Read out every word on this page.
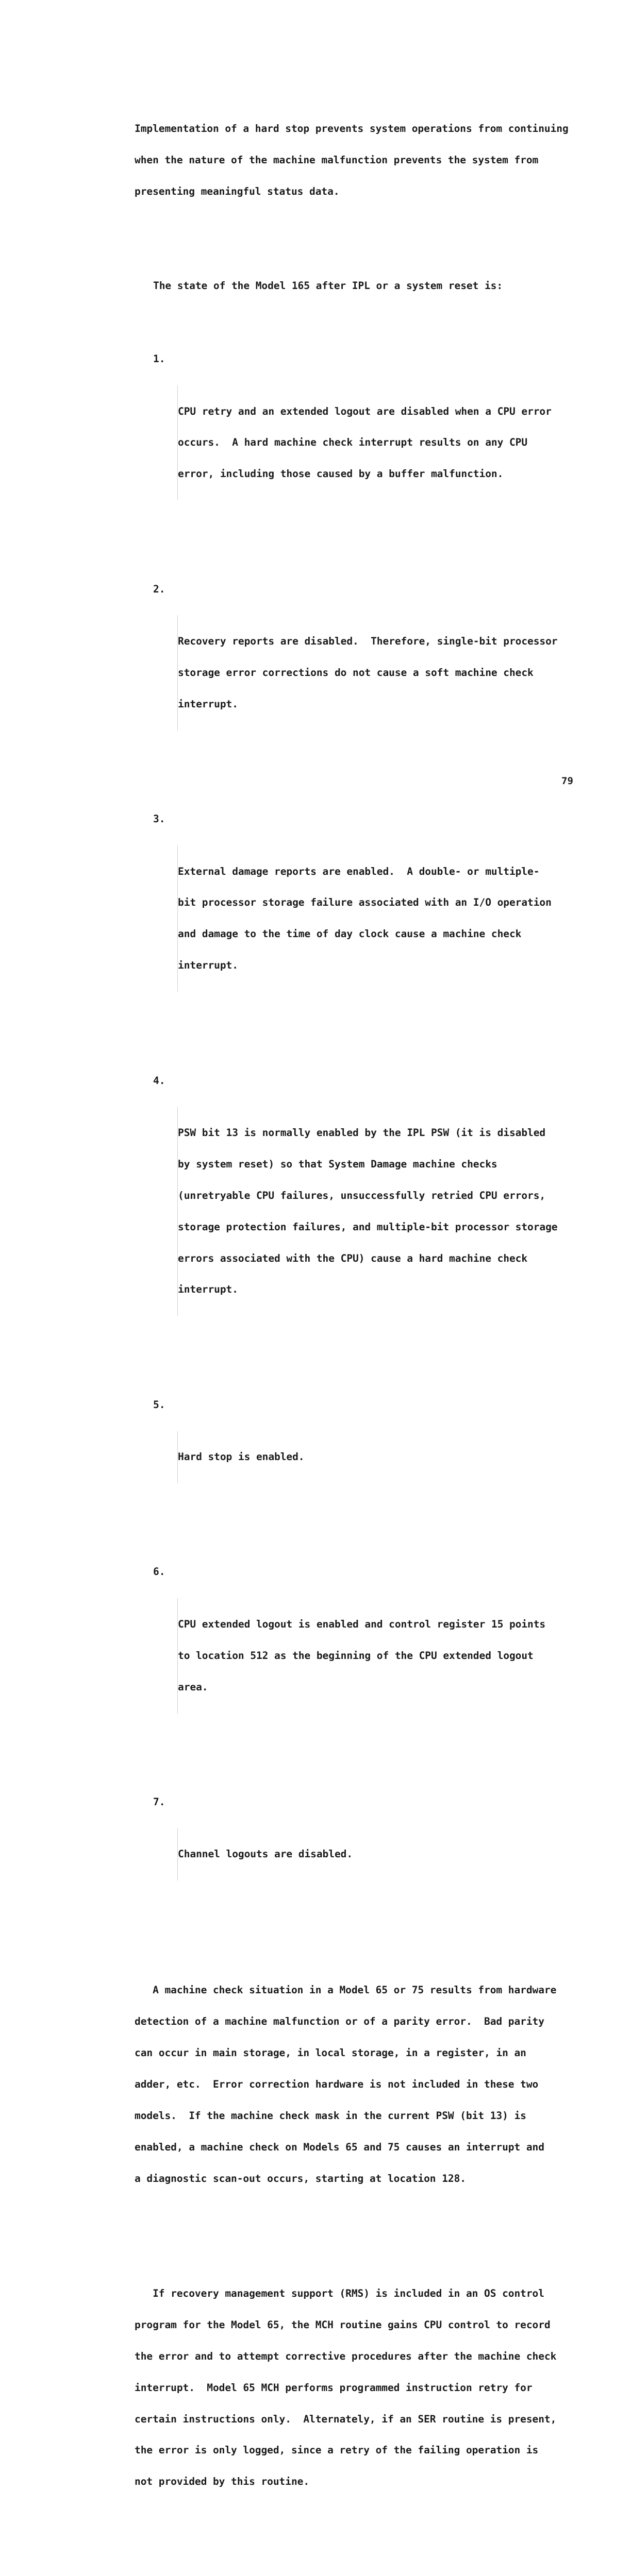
Implementation of a hard stop prevents system operations from continuing

when the nature of the machine malfunction prevents the system from

presenting meaningful status data.

The state of the Model 165 after IPL or a system reset is:

1.

CPU retry and an extended logout are disabled when a CPU error

occurs.  A hard machine check interrupt results on any CPU

error, including those caused by a buffer malfunction.

2.

Recovery reports are disabled.  Therefore, single-bit processor

storage error corrections do not cause a soft machine check

interrupt.

3.

External damage reports are enabled.  A double- or multiple-

bit processor storage failure associated with an I/O operation

and damage to the time of day clock cause a machine check

interrupt.

4.

PSW bit 13 is normally enabled by the IPL PSW (it is disabled

by system reset) so that System Damage machine checks

(unretryable CPU failures, unsuccessfully retried CPU errors,

storage protection failures, and multiple-bit processor storage

errors associated with the CPU) cause a hard machine check

interrupt.

5.

Hard stop is enabled.

6.

CPU extended logout is enabled and control register 15 points

to location 512 as the beginning of the CPU extended logout

area.

7.

Channel logouts are disabled.

A machine check situation in a Model 65 or 75 results from hardware

detection of a machine malfunction or of a parity error.  Bad parity

can occur in main storage, in local storage, in a register, in an

adder, etc.  Error correction hardware is not included in these two

models.  If the machine check mask in the current PSW (bit 13) is

enabled, a machine check on Models 65 and 75 causes an interrupt and

a diagnostic scan-out occurs, starting at location 128.

If recovery management support (RMS) is included in an OS control

program for the Model 65, the MCH routine gains CPU control to record

the error and to attempt corrective procedures after the machine check

interrupt.  Model 65 MCH performs programmed instruction retry for

certain instructions only.  Alternately, if an SER routine is present,

the error is only logged, since a retry of the failing operation is

not provided by this routine.

79
